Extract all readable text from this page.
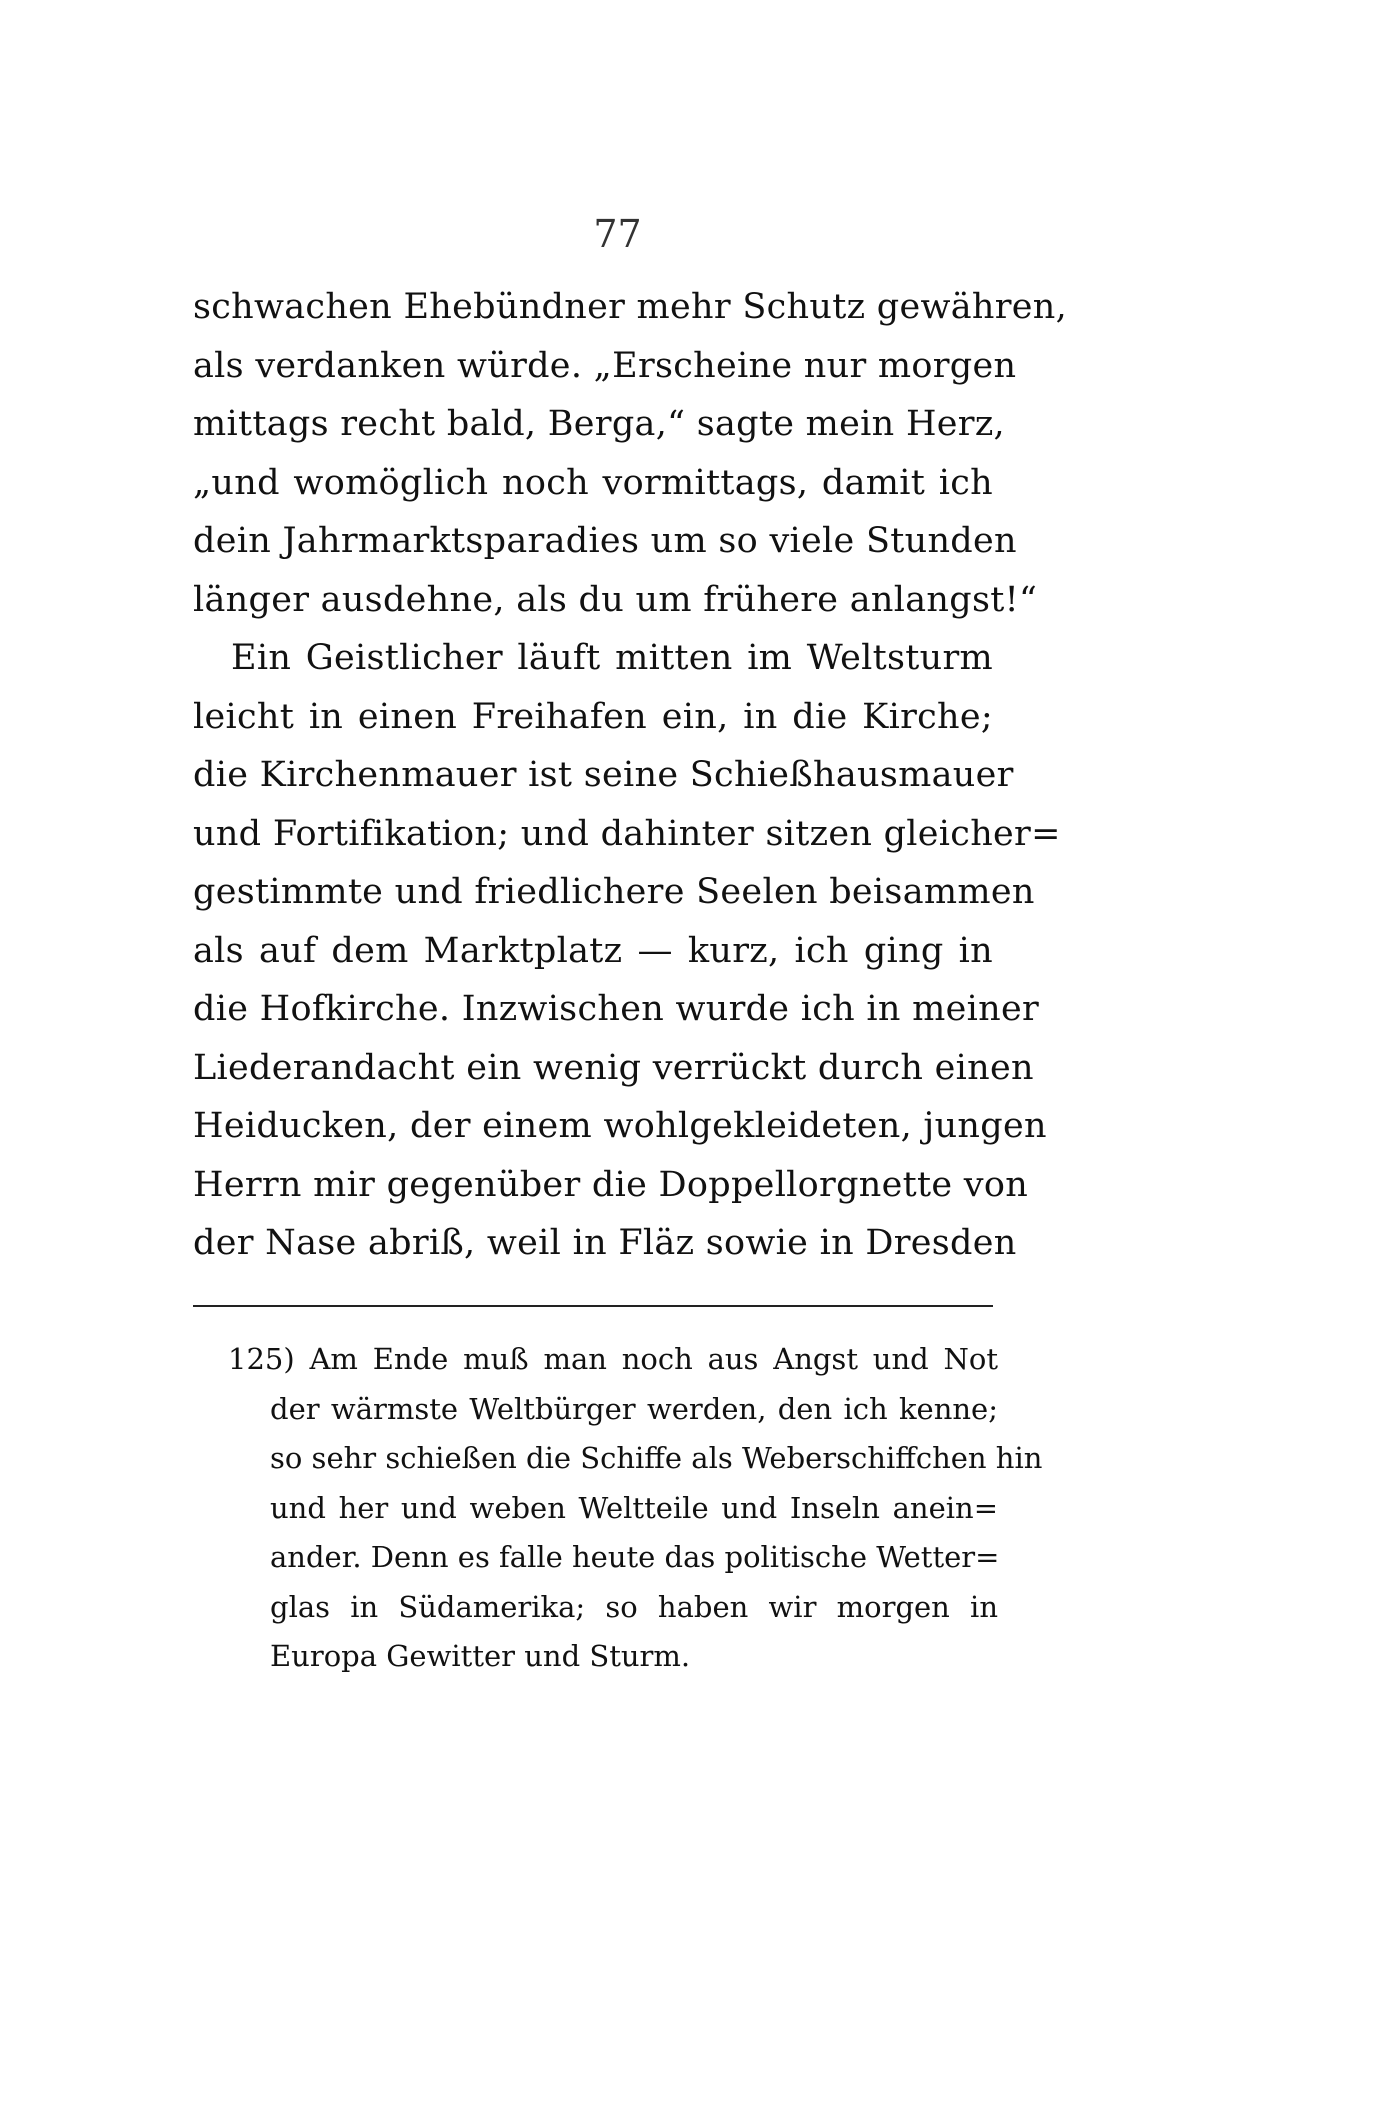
77
schwachen Ehebündner mehr Schutz gewähren,
als verdanken würde. „Erscheine nur morgen
mittags recht bald, Berga,“ sagte mein Herz,
„und womöglich noch vormittags, damit ich
dein Jahrmarktsparadies um so viele Stunden
länger ausdehne, als du um frühere anlangst!“
Ein Geistlicher läuft mitten im Weltsturm
leicht in einen Freihafen ein, in die Kirche;
die Kirchenmauer ist seine Schießhausmauer
und Fortifikation; und dahinter sitzen gleicher=
gestimmte und friedlichere Seelen beisammen
als auf dem Marktplatz — kurz, ich ging in
die Hofkirche. Inzwischen wurde ich in meiner
Liederandacht ein wenig verrückt durch einen
Heiducken, der einem wohlgekleideten, jungen
Herrn mir gegenüber die Doppellorgnette von
der Nase abriß, weil in Fläz sowie in Dresden
125) Am Ende muß man noch aus Angst und Not
der wärmste Weltbürger werden, den ich kenne;
so sehr schießen die Schiffe als Weberschiffchen hin
und her und weben Weltteile und Inseln anein=
ander. Denn es falle heute das politische Wetter=
glas in Südamerika; so haben wir morgen in
Europa Gewitter und Sturm.
